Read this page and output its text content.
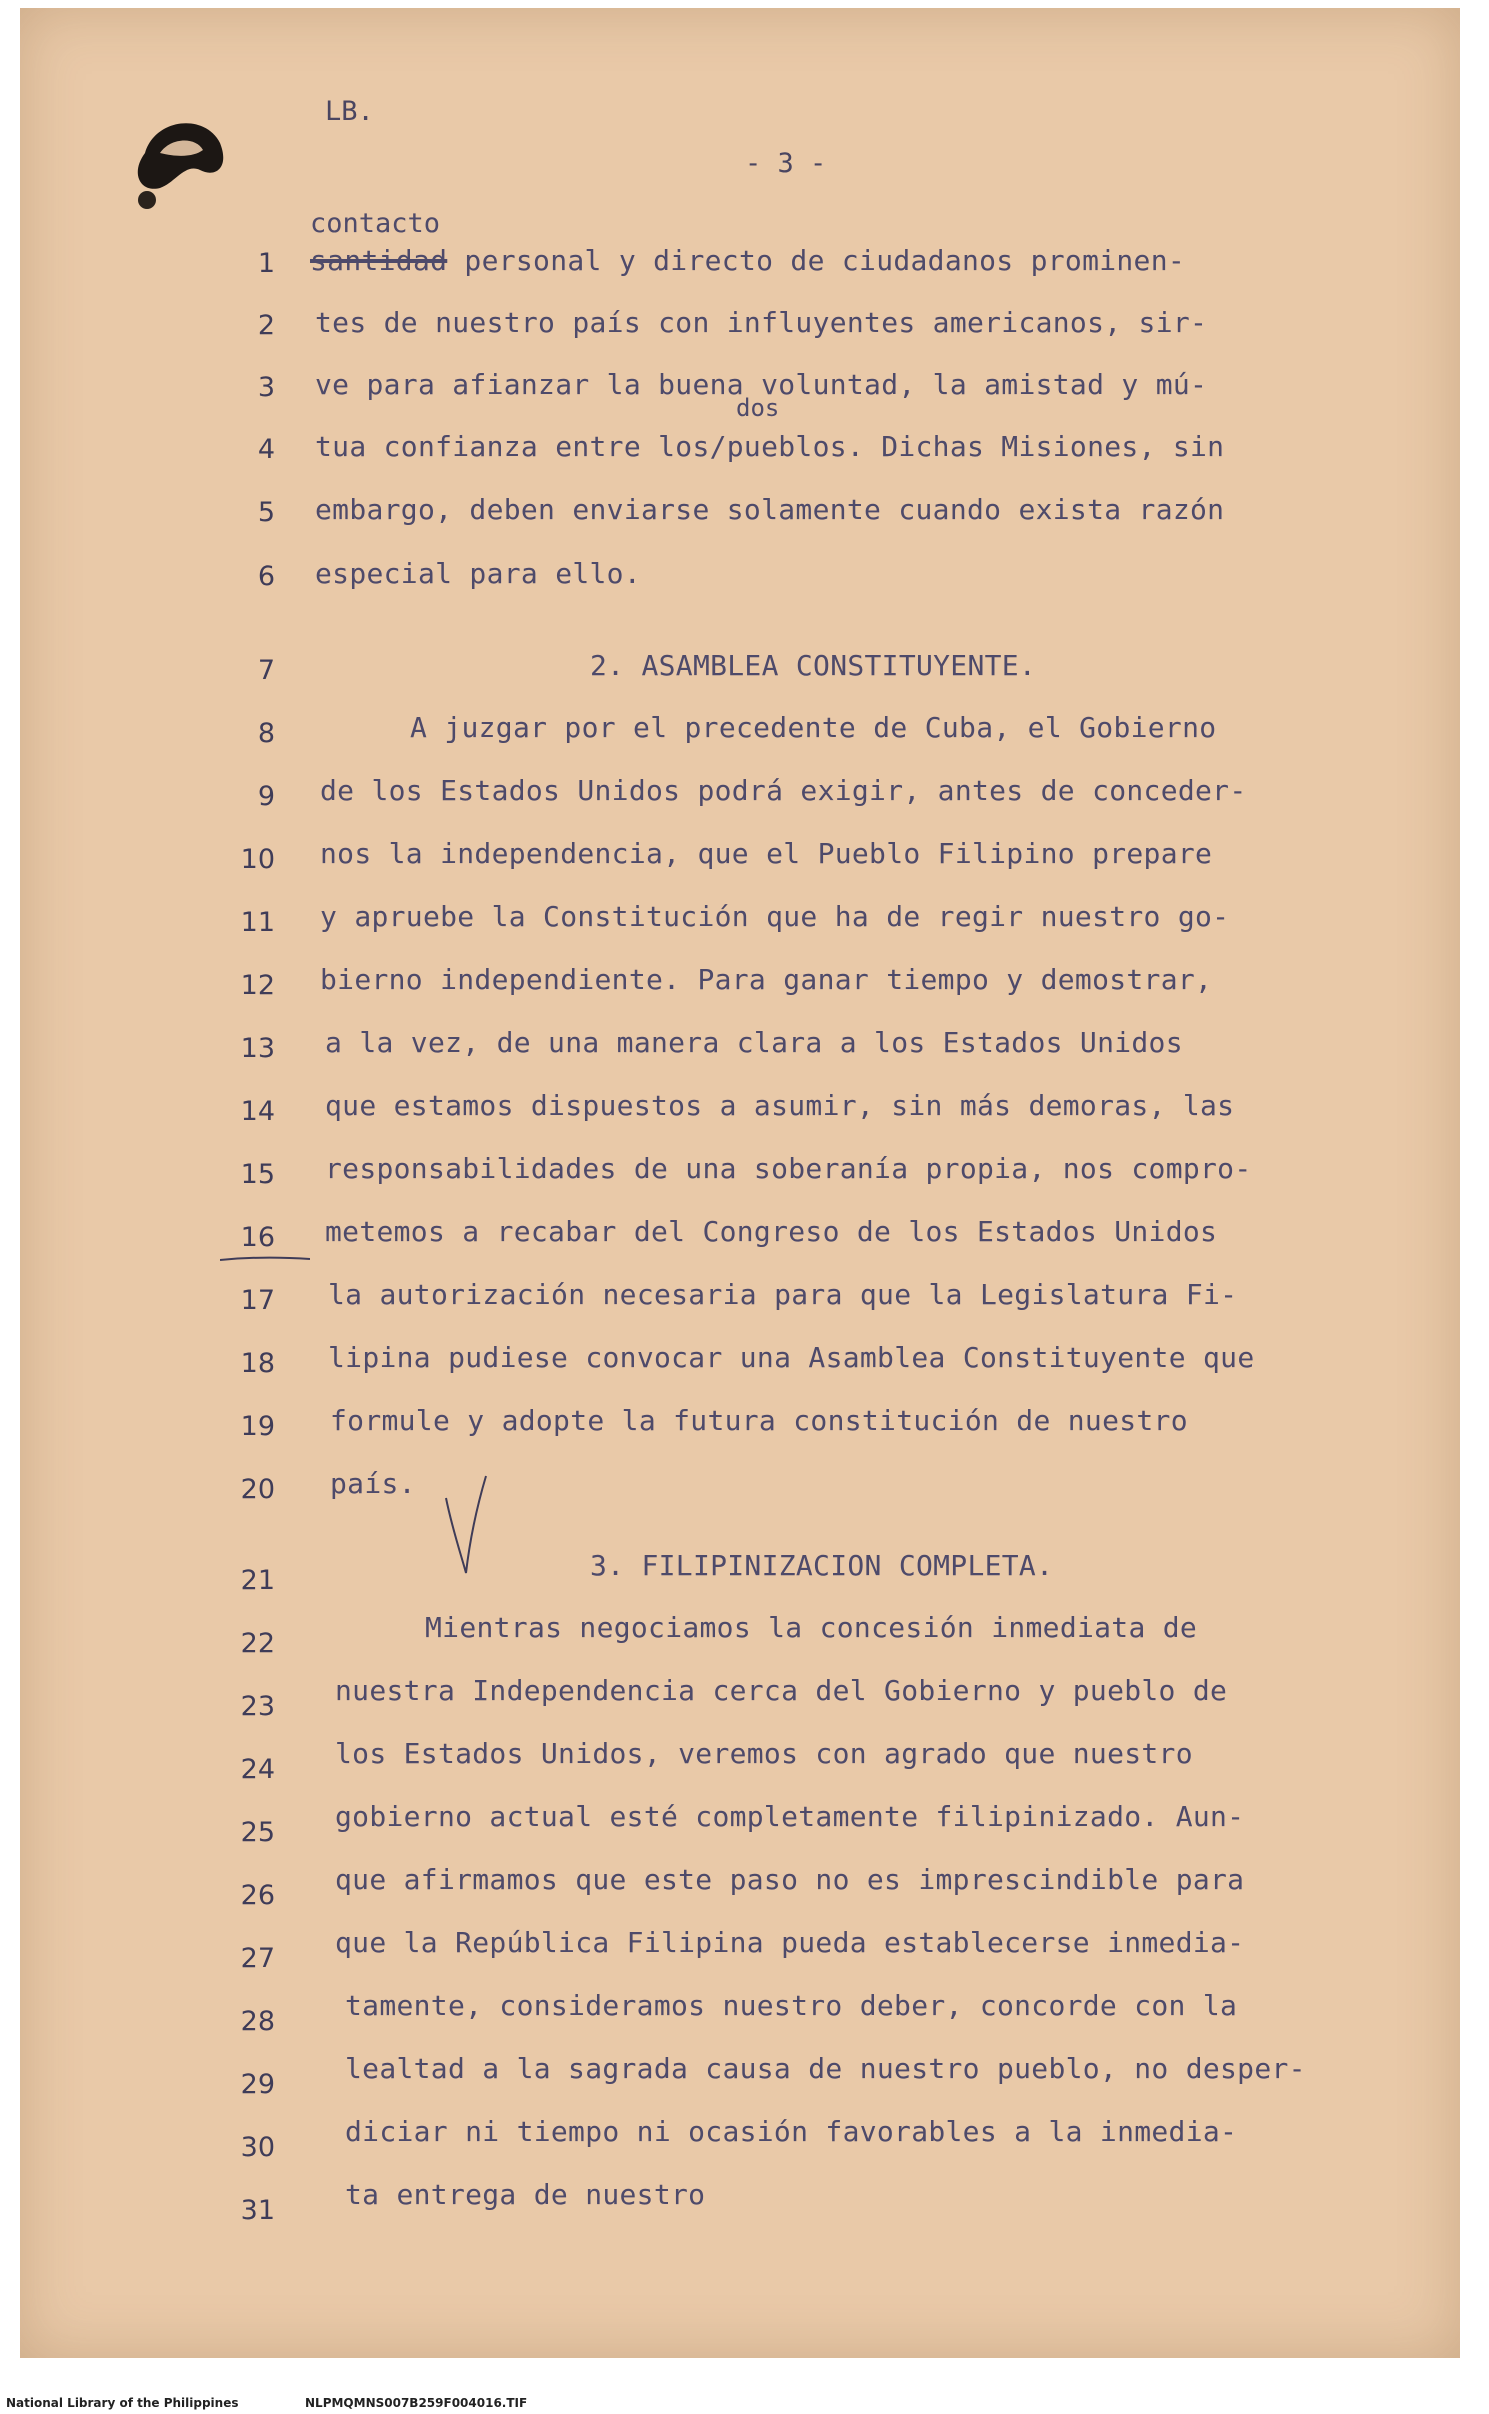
LB.
- 3 -
contacto
dos
1 santidad personal y directo de ciudadanos prominen-
2 tes de nuestro país con influyentes americanos, sir-
3 ve para afianzar la buena voluntad, la amistad y mú-
4 tua confianza entre los/pueblos. Dichas Misiones, sin
5 embargo, deben enviarse solamente cuando exista razón
6 especial para ello.
7	2. ASAMBLEA CONSTITUYENTE.
8	A juzgar por el precedente de Cuba, el Gobierno
9 de los Estados Unidos podrá exigir, antes de conceder-
10 nos la independencia, que el Pueblo Filipino prepare
11 y apruebe la Constitución que ha de regir nuestro go-
12 bierno independiente. Para ganar tiempo y demostrar,
13 a la vez, de una manera clara a los Estados Unidos
14 que estamos dispuestos a asumir, sin más demoras, las
15 responsabilidades de una soberanía propia, nos compro-
16 metemos a recabar del Congreso de los Estados Unidos
17 la autorización necesaria para que la Legislatura Fi-
18 lipina pudiese convocar una Asamblea Constituyente que
19 formule y adopte la futura constitución de nuestro
20 país.
21	3. FILIPINIZACION COMPLETA.
22	Mientras negociamos la concesión inmediata de
23 nuestra Independencia cerca del Gobierno y pueblo de
24 los Estados Unidos, veremos con agrado que nuestro
25 gobierno actual esté completamente filipinizado. Aun-
26 que afirmamos que este paso no es imprescindible para
27 que la República Filipina pueda establecerse inmedia-
28	tamente, consideramos nuestro deber, concorde con la
29	lealtad a la sagrada causa de nuestro pueblo, no desper-
30	diciar ni tiempo ni ocasión favorables a la inmedia-
31	ta entrega de nuestro
National Library of the Philippines	NLPMQMNS007B259F004016.TIF
